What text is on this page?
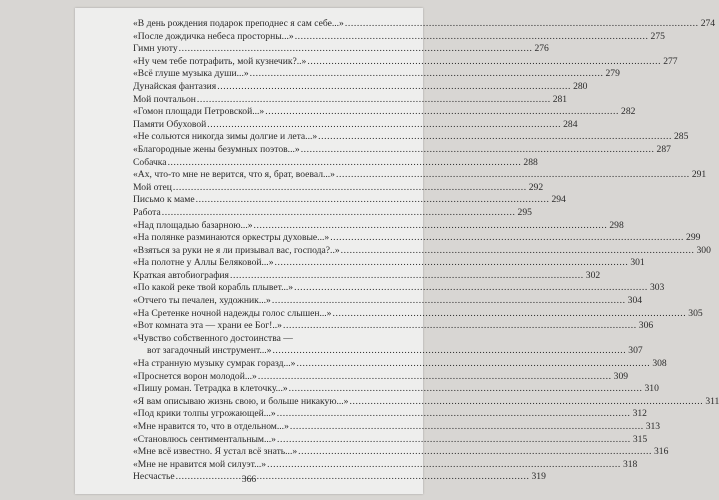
«В день рождения подарок преподнес я сам себе...» .....	274
«После дождичка небеса просторны...» .....	275
Гимн уюту .....	276
«Ну чем тебе потрафить, мой кузнечик?..» .....	277
«Всё глуше музыка души...» .....	279
Дунайская фантазия .....	280
Мой почтальон .....	281
«Гомон площади Петровской...» .....	282
Памяти Обуховой .....	284
«Не сольются никогда зимы долгие и лета...» .....	285
«Благородные жены безумных поэтов...» .....	287
Собачка .....	288
«Ах, что-то мне не верится, что я, брат, воевал...» .....	291
Мой отец .....	292
Письмо к маме .....	294
Работа .....	295
«Над площадью базарною...» .....	298
«На полянке разминаются оркестры духовые...» .....	299
«Взяться за руки не я ли призывал вас, господа?..» .....	300
«На полотне у Аллы Беляковой...» .....	301
Краткая автобиография .....	302
«По какой реке твой корабль плывет...» .....	303
«Отчего ты печален, художник...» .....	304
«На Сретенке ночной надежды голос слышен...» .....	305
«Вот комната эта — храни ее Бог!..» .....	306
«Чувство собственного достоинства —
вот загадочный инструмент...» .....	307
«На странную музыку сумрак горазд...» .....	308
«Проснется ворон молодой...» .....	309
«Пишу роман. Тетрадка в клеточку...» .....	310
«Я вам описываю жизнь свою, и больше никакую...» .....	311
«Под крики толпы угрожающей...» .....	312
«Мне нравится то, что в отдельном...» .....	313
«Становлюсь сентиментальным...» .....	315
«Мне всё известно. Я устал всё знать...» .....	316
«Мне не нравится мой силуэт...» .....	318
Несчастье .....	319
366
